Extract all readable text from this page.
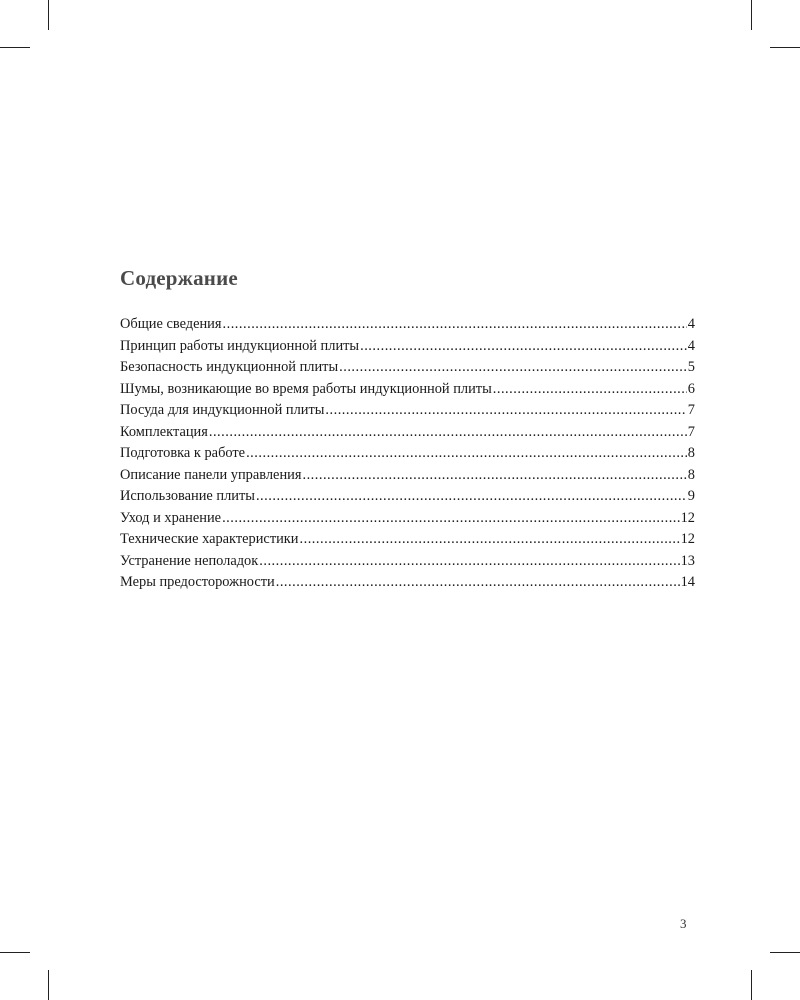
Содержание
Общие сведения .....	4
Принцип работы индукционной плиты .....	4
Безопасность индукционной плиты .....	5
Шумы, возникающие во время работы индукционной плиты .....	6
Посуда для индукционной плиты .....	7
Комплектация .....	7
Подготовка к работе .....	8
Описание панели управления .....	8
Использование плиты .....	9
Уход и хранение .....	12
Технические характеристики .....	12
Устранение неполадок .....	13
Меры предосторожности .....	14
3
